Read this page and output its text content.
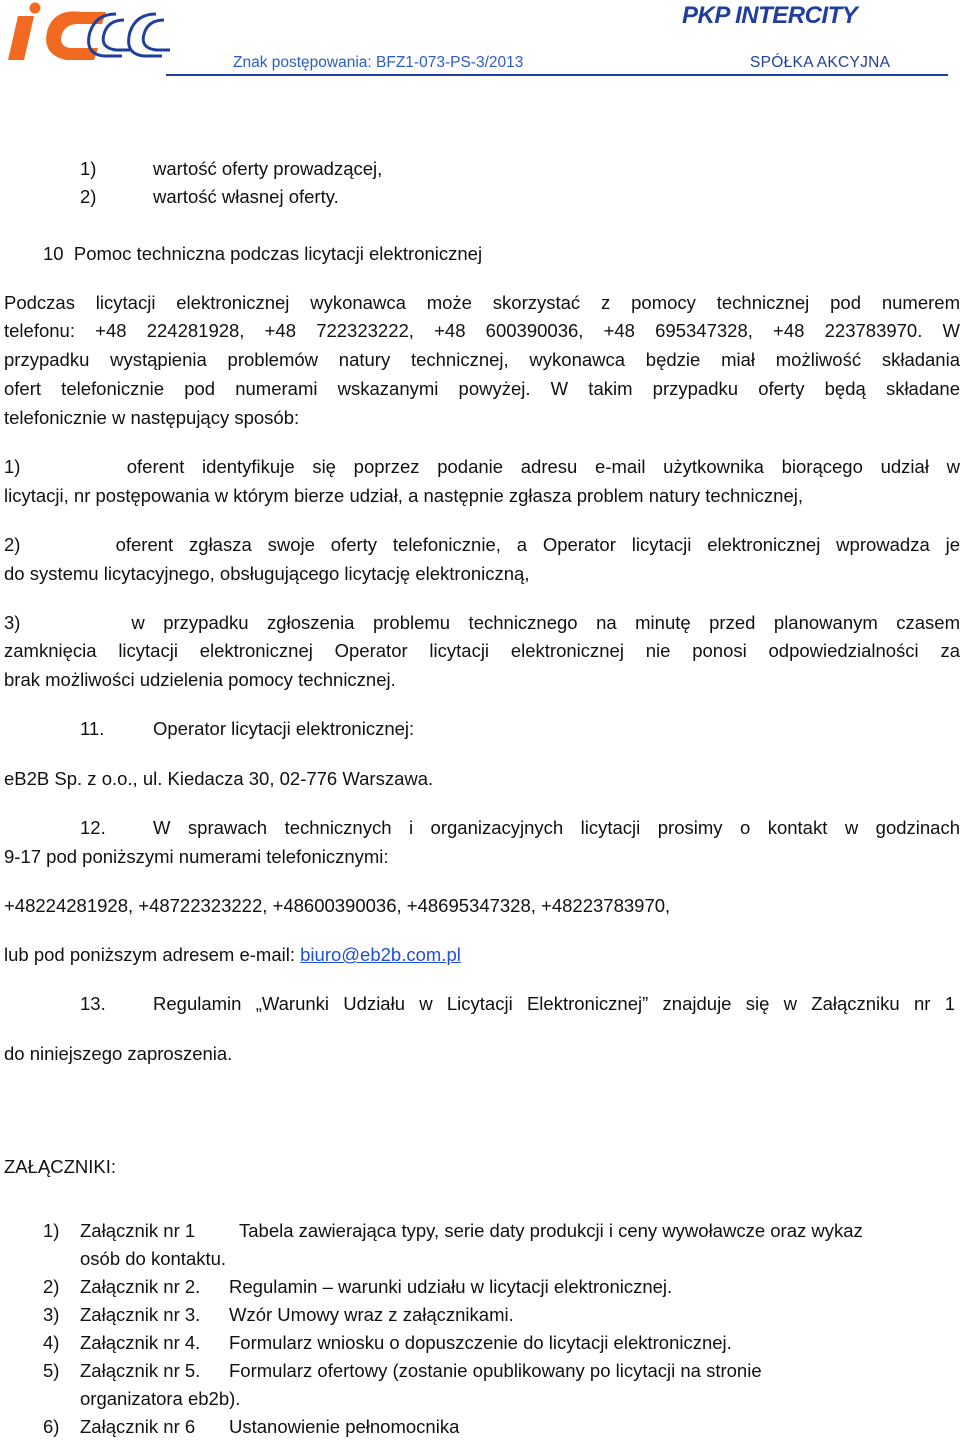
PKP INTERCITY
Znak postępowania: BFZ1-073-PS-3/2013	SPÓŁKA AKCYJNA
1)	wartość oferty prowadzącej,
2)	wartość własnej oferty.
10  Pomoc techniczna podczas licytacji elektronicznej
Podczas licytacji elektronicznej wykonawca może skorzystać z pomocy technicznej pod numerem
telefonu: +48 224281928, +48 722323222, +48 600390036, +48 695347328, +48 223783970. W
przypadku wystąpienia problemów natury technicznej, wykonawca będzie miał możliwość składania
ofert telefonicznie pod numerami wskazanymi powyżej. W takim przypadku oferty będą składane
telefonicznie w następujący sposób:
1)      oferent identyfikuje się poprzez podanie adresu e-mail użytkownika biorącego udział w
licytacji, nr postępowania w którym bierze udział, a następnie zgłasza problem natury technicznej,
2)      oferent zgłasza swoje oferty telefonicznie, a Operator licytacji elektronicznej wprowadza je
do systemu licytacyjnego, obsługującego licytację elektroniczną,
3)      w przypadku zgłoszenia problemu technicznego na minutę przed planowanym czasem
zamknięcia licytacji elektronicznej Operator licytacji elektronicznej nie ponosi odpowiedzialności za
brak możliwości udzielenia pomocy technicznej.
11.	Operator licytacji elektronicznej:
eB2B Sp. z o.o., ul. Kiedacza 30, 02-776 Warszawa.
12.	W sprawach technicznych i organizacyjnych licytacji prosimy o kontakt w godzinach
9-17 pod poniższymi numerami telefonicznymi:
+48224281928, +48722323222, +48600390036, +48695347328, +48223783970,
lub pod poniższym adresem e-mail: biuro@eb2b.com.pl
13.	Regulamin „Warunki Udziału w Licytacji Elektronicznej” znajduje się w Załączniku nr 1
do niniejszego zaproszenia.
ZAŁĄCZNIKI:
1) Załącznik nr 1 Tabela zawierająca typy, serie daty produkcji i ceny wywoławcze oraz wykaz
osób do kontaktu.
2) Załącznik nr 2. Regulamin – warunki udziału w licytacji elektronicznej.
3) Załącznik nr 3. Wzór Umowy wraz z załącznikami.
4) Załącznik nr 4. Formularz wniosku o dopuszczenie do licytacji elektronicznej.
5) Załącznik nr 5. Formularz ofertowy (zostanie opublikowany po licytacji na stronie
organizatora eb2b).
6) Załącznik nr 6 Ustanowienie pełnomocnika
